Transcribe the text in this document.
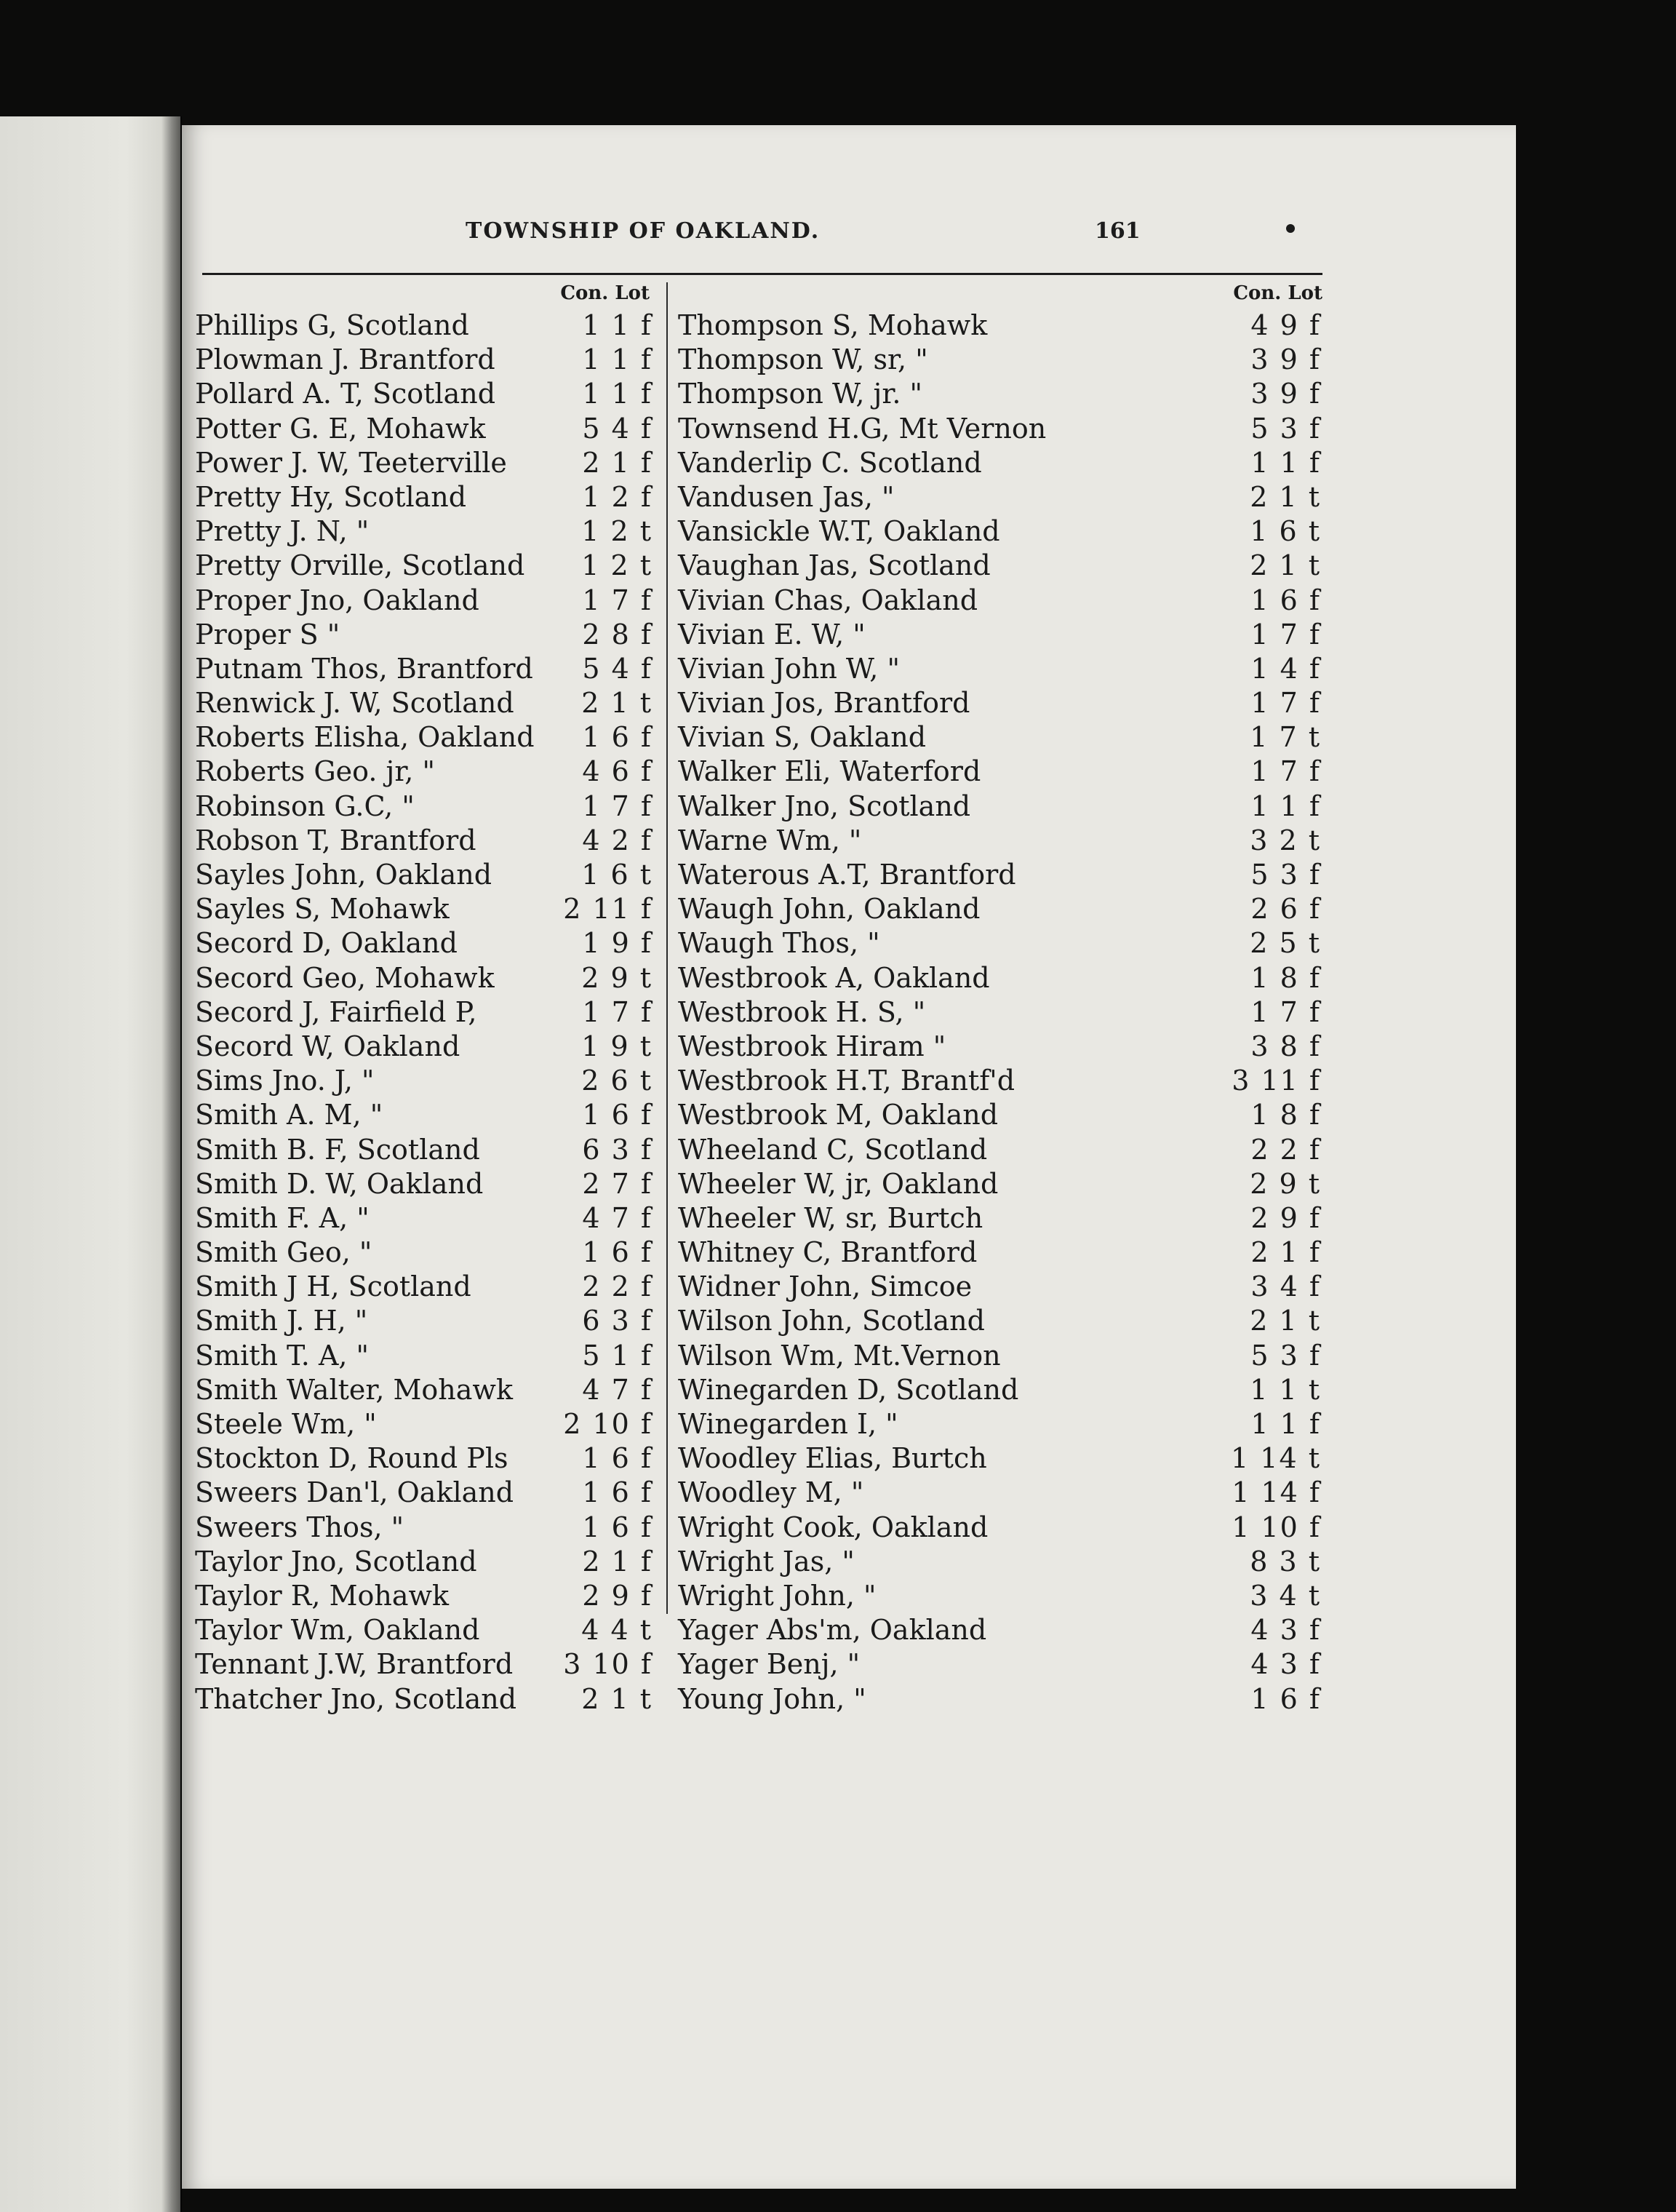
TOWNSHIP OF OAKLAND.	161
Con. Lot
Phillips G, Scotland	1 1 f
Plowman J. Brantford	1 1 f
Pollard A. T, Scotland	1 1 f
Potter G. E, Mohawk	5 4 f
Power J. W, Teeterville	2 1 f
Pretty Hy, Scotland	1 2 f
Pretty J. N, "	1 2 t
Pretty Orville, Scotland 1 2 t
Proper Jno, Oakland	1 7 f
Proper S "	2 8 f
Putnam Thos, Brantford 5 4 f
Renwick J. W, Scotland 2 1 t
Roberts Elisha, Oakland 1 6 f
Roberts Geo. jr, "	4 6 f
Robinson G.C, "	1 7 f
Robson T, Brantford	4 2 f
Sayles John, Oakland	1 6 t
Sayles S, Mohawk	2 11 f
Secord D, Oakland	1 9 f
Secord Geo, Mohawk	2 9 t
Secord J, Fairfield P,	1 7 f
Secord W, Oakland	1 9 t
Sims Jno. J, "	2 6 t
Smith A. M, "	1 6 f
Smith B. F, Scotland	6 3 f
Smith D. W, Oakland	2 7 f
Smith F. A, "	4 7 f
Smith Geo, "	1 6 f
Smith J H, Scotland	2 2 f
Smith J. H, "	6 3 f
Smith T. A, "	5 1 f
Smith Walter, Mohawk	4 7 f
Steele Wm, "	2 10 f
Stockton D, Round Pls	1 6 f
Sweers Dan'l, Oakland 1 6 f
Sweers Thos, "	1 6 f
Taylor Jno, Scotland	2 1 f
Taylor R, Mohawk	2 9 f
Taylor Wm, Oakland	4 4 t
Tennant J.W, Brantford 3 10 f
Thatcher Jno, Scotland 2 1 t
Con. Lot
Thompson S, Mohawk	4 9 f
Thompson W, sr, "	3 9 f
Thompson W, jr. "	3 9 f
Townsend H.G, Mt Vernon	5 3 f
Vanderlip C. Scotland	1 1 f
Vandusen Jas, "	2 1 t
Vansickle W.T, Oakland	1 6 t
Vaughan Jas, Scotland	2 1 t
Vivian Chas, Oakland	1 6 f
Vivian E. W, "	1 7 f
Vivian John W, "	1 4 f
Vivian Jos, Brantford	1 7 f
Vivian S, Oakland	1 7 t
Walker Eli, Waterford	1 7 f
Walker Jno, Scotland	1 1 f
Warne Wm, "	3 2 t
Waterous A.T, Brantford	5 3 f
Waugh John, Oakland	2 6 f
Waugh Thos, "	2 5 t
Westbrook A, Oakland	1 8 f
Westbrook H. S, "	1 7 f
Westbrook Hiram "	3 8 f
Westbrook H.T, Brantf'd	3 11 f
Westbrook M, Oakland	1 8 f
Wheeland C, Scotland	2 2 f
Wheeler W, jr, Oakland	2 9 t
Wheeler W, sr, Burtch	2 9 f
Whitney C, Brantford	2 1 f
Widner John, Simcoe	3 4 f
Wilson John, Scotland	2 1 t
Wilson Wm, Mt.Vernon	5 3 f
Winegarden D, Scotland	1 1 t
Winegarden I, "	1 1 f
Woodley Elias, Burtch	1 14 t
Woodley M, "	1 14 f
Wright Cook, Oakland	1 10 f
Wright Jas, "	8 3 t
Wright John, "	3 4 t
Yager Abs'm, Oakland	4 3 f
Yager Benj, "	4 3 f
Young John, "	1 6 f
